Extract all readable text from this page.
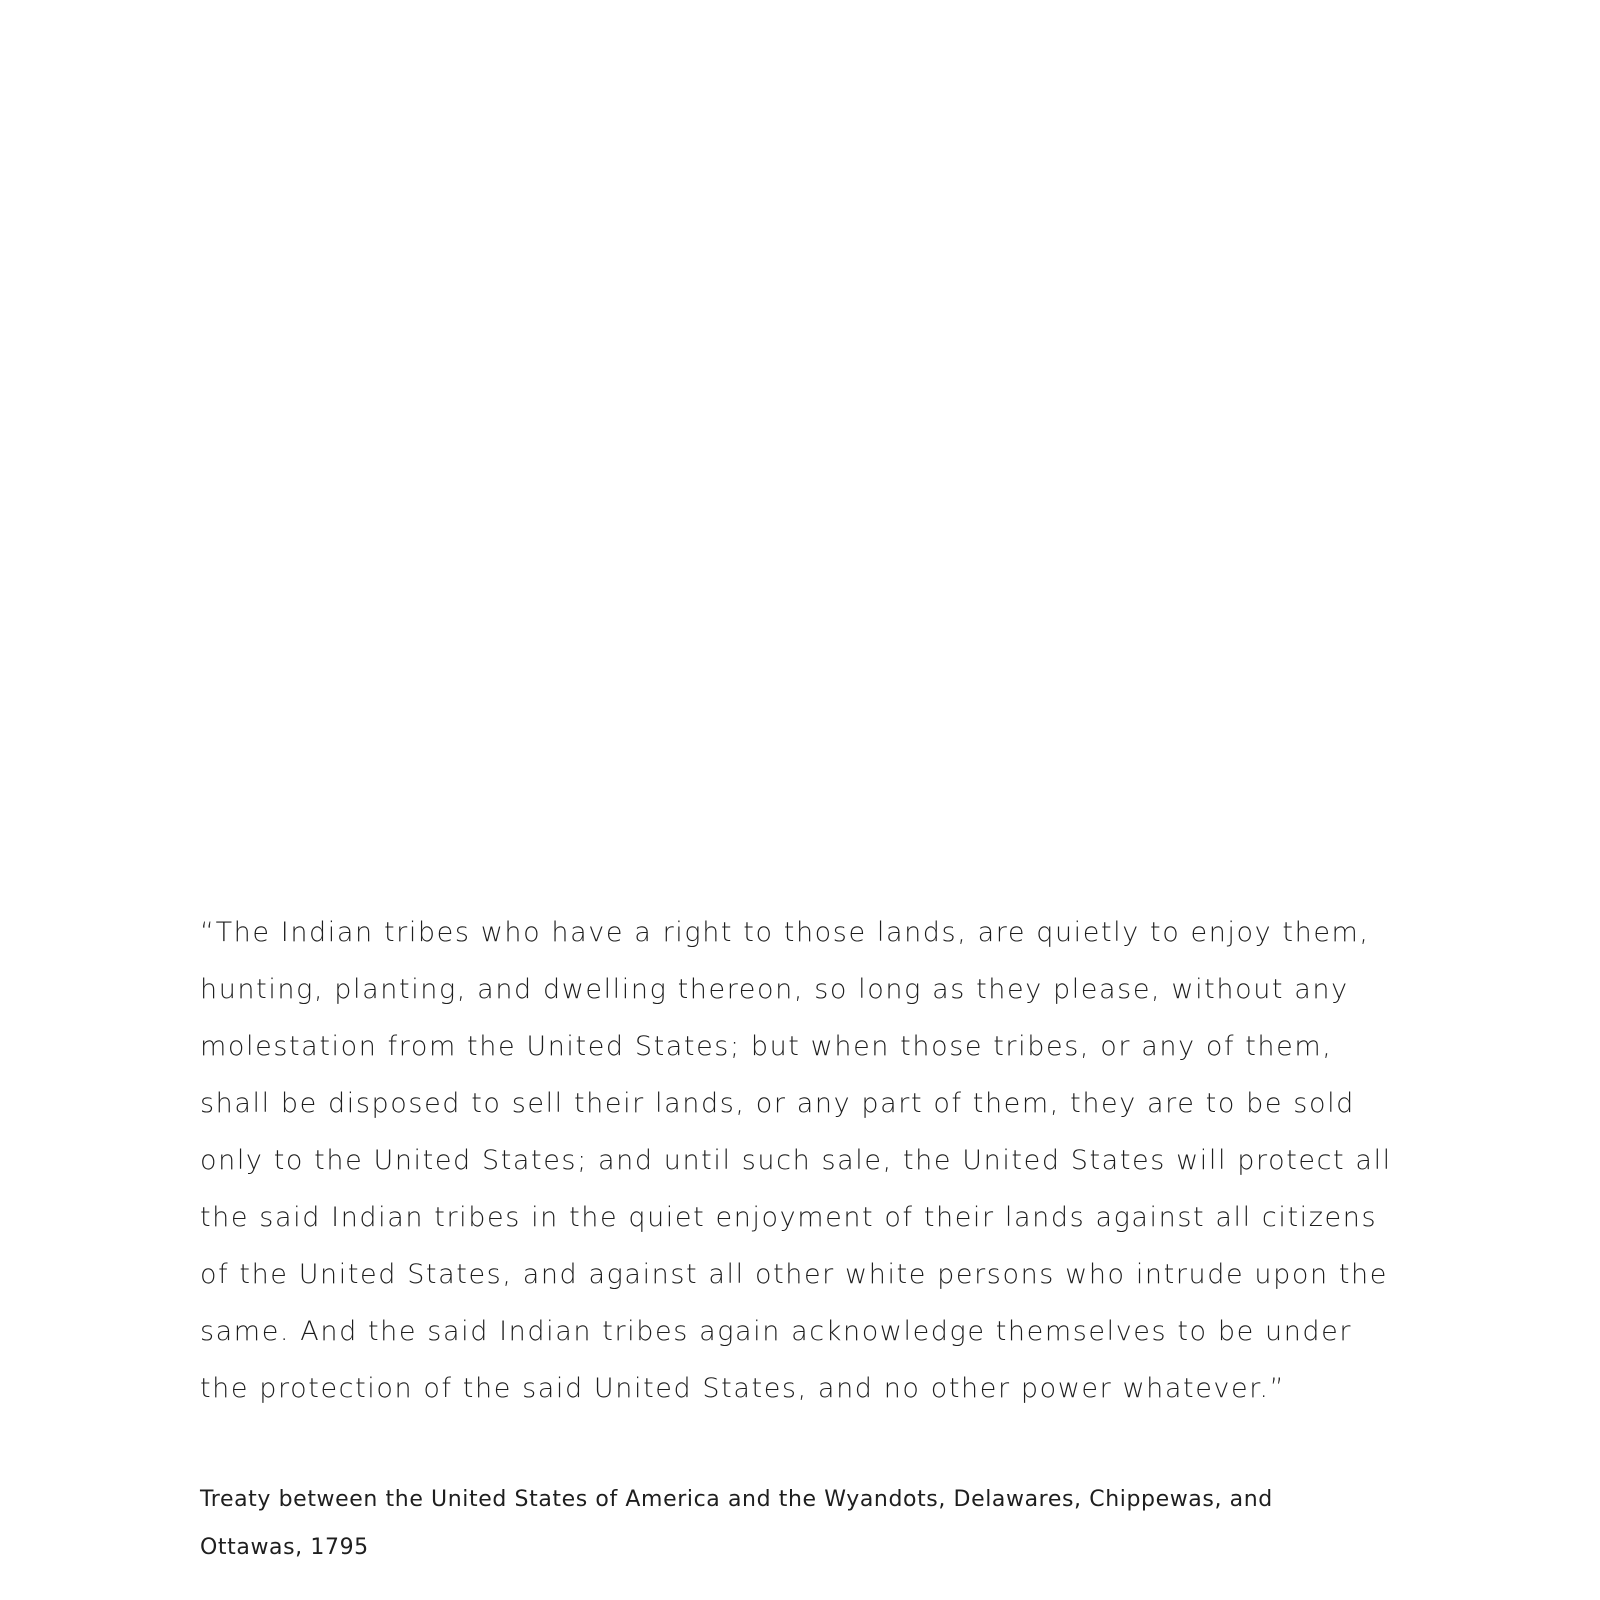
“The Indian tribes who have a right to those lands, are quietly to enjoy them,
hunting, planting, and dwelling thereon, so long as they please, without any
molestation from the United States; but when those tribes, or any of them,
shall be disposed to sell their lands, or any part of them, they are to be sold
only to the United States; and until such sale, the United States will protect all
the said Indian tribes in the quiet enjoyment of their lands against all citizens
of the United States, and against all other white persons who intrude upon the
same. And the said Indian tribes again acknowledge themselves to be under
the protection of the said United States, and no other power whatever.”
Treaty between the United States of America and the Wyandots, Delawares, Chippewas, and
Ottawas, 1795
